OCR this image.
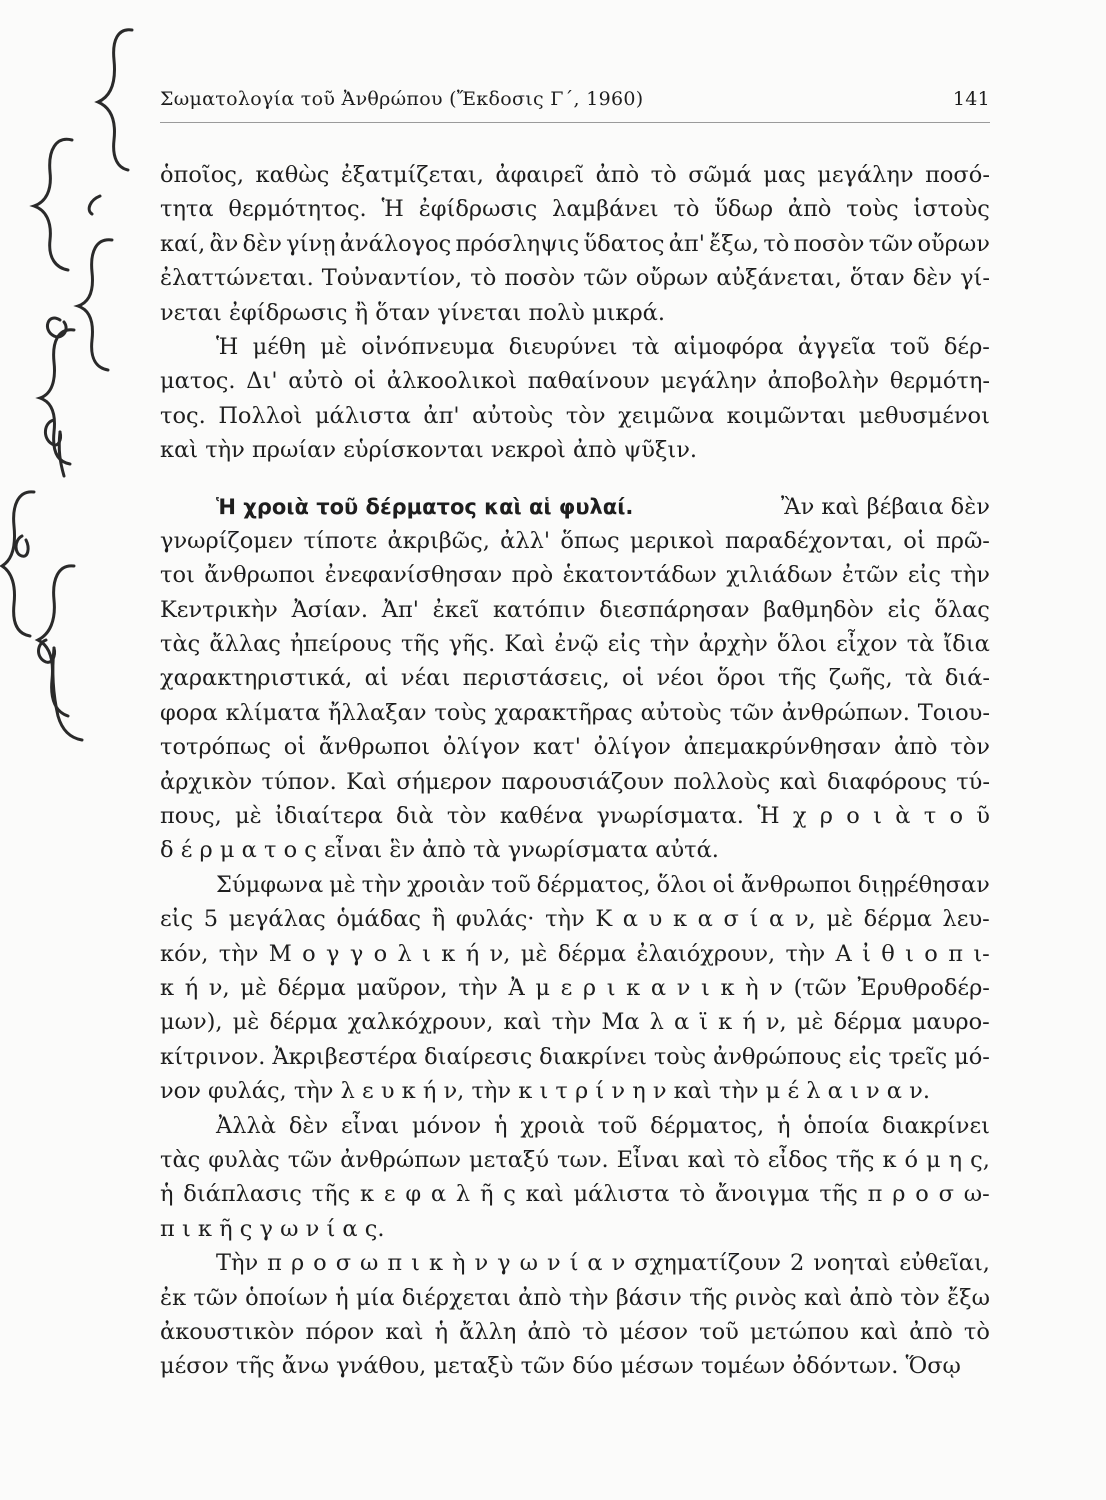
Σωματολογία τοῦ Ἀνθρώπου (Ἔκδοσις Γ΄, 1960)	141
ὁποῖος, καθὼς ἐξατμίζεται, ἀφαιρεῖ ἀπὸ τὸ σῶμά μας μεγάλην ποσό-
τητα θερμότητος. Ἡ ἐφίδρωσις λαμβάνει τὸ ὕδωρ ἀπὸ τοὺς ἱστοὺς
καί, ἂν δὲν γίνῃ ἀνάλογος πρόσληψις ὕδατος ἀπ' ἔξω, τὸ ποσὸν τῶν οὔρων
ἐλαττώνεται. Τοὐναντίον, τὸ ποσὸν τῶν οὔρων αὐξάνεται, ὅταν δὲν γί-
νεται ἐφίδρωσις ἢ ὅταν γίνεται πολὺ μικρά.
Ἡ μέθη μὲ οἰνόπνευμα διευρύνει τὰ αἱμοφόρα ἀγγεῖα τοῦ δέρ-
ματος. Δι' αὐτὸ οἱ ἀλκοολικοὶ παθαίνουν μεγάλην ἀποβολὴν θερμότη-
τος. Πολλοὶ μάλιστα ἀπ' αὐτοὺς τὸν χειμῶνα κοιμῶνται μεθυσμένοι
καὶ τὴν πρωίαν εὑρίσκονται νεκροὶ ἀπὸ ψῦξιν.
Ἡ χροιὰ τοῦ δέρματος καὶ αἱ φυλαί.	Ἂν καὶ βέβαια δὲν
γνωρίζομεν τίποτε ἀκριβῶς, ἀλλ' ὅπως μερικοὶ παραδέχονται, οἱ πρῶ-
τοι ἄνθρωποι ἐνεφανίσθησαν πρὸ ἑκατοντάδων χιλιάδων ἐτῶν εἰς τὴν
Κεντρικὴν Ἀσίαν. Ἀπ' ἐκεῖ κατόπιν διεσπάρησαν βαθμηδὸν εἰς ὅλας
τὰς ἄλλας ἠπείρους τῆς γῆς. Καὶ ἐνῷ εἰς τὴν ἀρχὴν ὅλοι εἶχον τὰ ἴδια
χαρακτηριστικά, αἱ νέαι περιστάσεις, οἱ νέοι ὅροι τῆς ζωῆς, τὰ διά-
φορα κλίματα ἤλλαξαν τοὺς χαρακτῆρας αὐτοὺς τῶν ἀνθρώπων. Τοιου-
τοτρόπως οἱ ἄνθρωποι ὀλίγον κατ' ὀλίγον ἀπεμακρύνθησαν ἀπὸ τὸν
ἀρχικὸν τύπον. Καὶ σήμερον παρουσιάζουν πολλοὺς καὶ διαφόρους τύ-
πους, μὲ ἰδιαίτερα διὰ τὸν καθένα γνωρίσματα. Ἡ χ ρ ο ι ὰ τ ο ῦ
δ έ ρ μ α τ ο ς εἶναι ἓν ἀπὸ τὰ γνωρίσματα αὐτά.
Σύμφωνα μὲ τὴν χροιὰν τοῦ δέρματος, ὅλοι οἱ ἄνθρωποι διῃρέθησαν
εἰς 5 μεγάλας ὁμάδας ἢ φυλάς· τὴν Κ α υ κ α σ ί α ν, μὲ δέρμα λευ-
κόν, τὴν Μ ο γ γ ο λ ι κ ή ν, μὲ δέρμα ἐλαιόχρουν, τὴν Α ἰ θ ι ο π ι-
κ ή ν, μὲ δέρμα μαῦρον, τὴν Ἀ μ ε ρ ι κ α ν ι κ ὴ ν (τῶν Ἐρυθροδέρ-
μων), μὲ δέρμα χαλκόχρουν, καὶ τὴν Μα λ α ϊ κ ή ν, μὲ δέρμα μαυρο-
κίτρινον. Ἀκριβεστέρα διαίρεσις διακρίνει τοὺς ἀνθρώπους εἰς τρεῖς μό-
νον φυλάς, τὴν λ ε υ κ ή ν, τὴν κ ι τ ρ ί ν η ν καὶ τὴν μ έ λ α ι ν α ν.
Ἀλλὰ δὲν εἶναι μόνον ἡ χροιὰ τοῦ δέρματος, ἡ ὁποία διακρίνει
τὰς φυλὰς τῶν ἀνθρώπων μεταξύ των. Εἶναι καὶ τὸ εἶδος τῆς κ ό μ η ς,
ἡ διάπλασις τῆς κ ε φ α λ ῆ ς καὶ μάλιστα τὸ ἄνοιγμα τῆς π ρ ο σ ω-
π ι κ ῆ ς γ ω ν ί α ς.
Τὴν π ρ ο σ ω π ι κ ὴ ν γ ω ν ί α ν σχηματίζουν 2 νοηταὶ εὐθεῖαι,
ἐκ τῶν ὁποίων ἡ μία διέρχεται ἀπὸ τὴν βάσιν τῆς ρινὸς καὶ ἀπὸ τὸν ἔξω
ἀκουστικὸν πόρον καὶ ἡ ἄλλη ἀπὸ τὸ μέσον τοῦ μετώπου καὶ ἀπὸ τὸ
μέσον τῆς ἄνω γνάθου, μεταξὺ τῶν δύο μέσων τομέων ὀδόντων. Ὅσῳ
